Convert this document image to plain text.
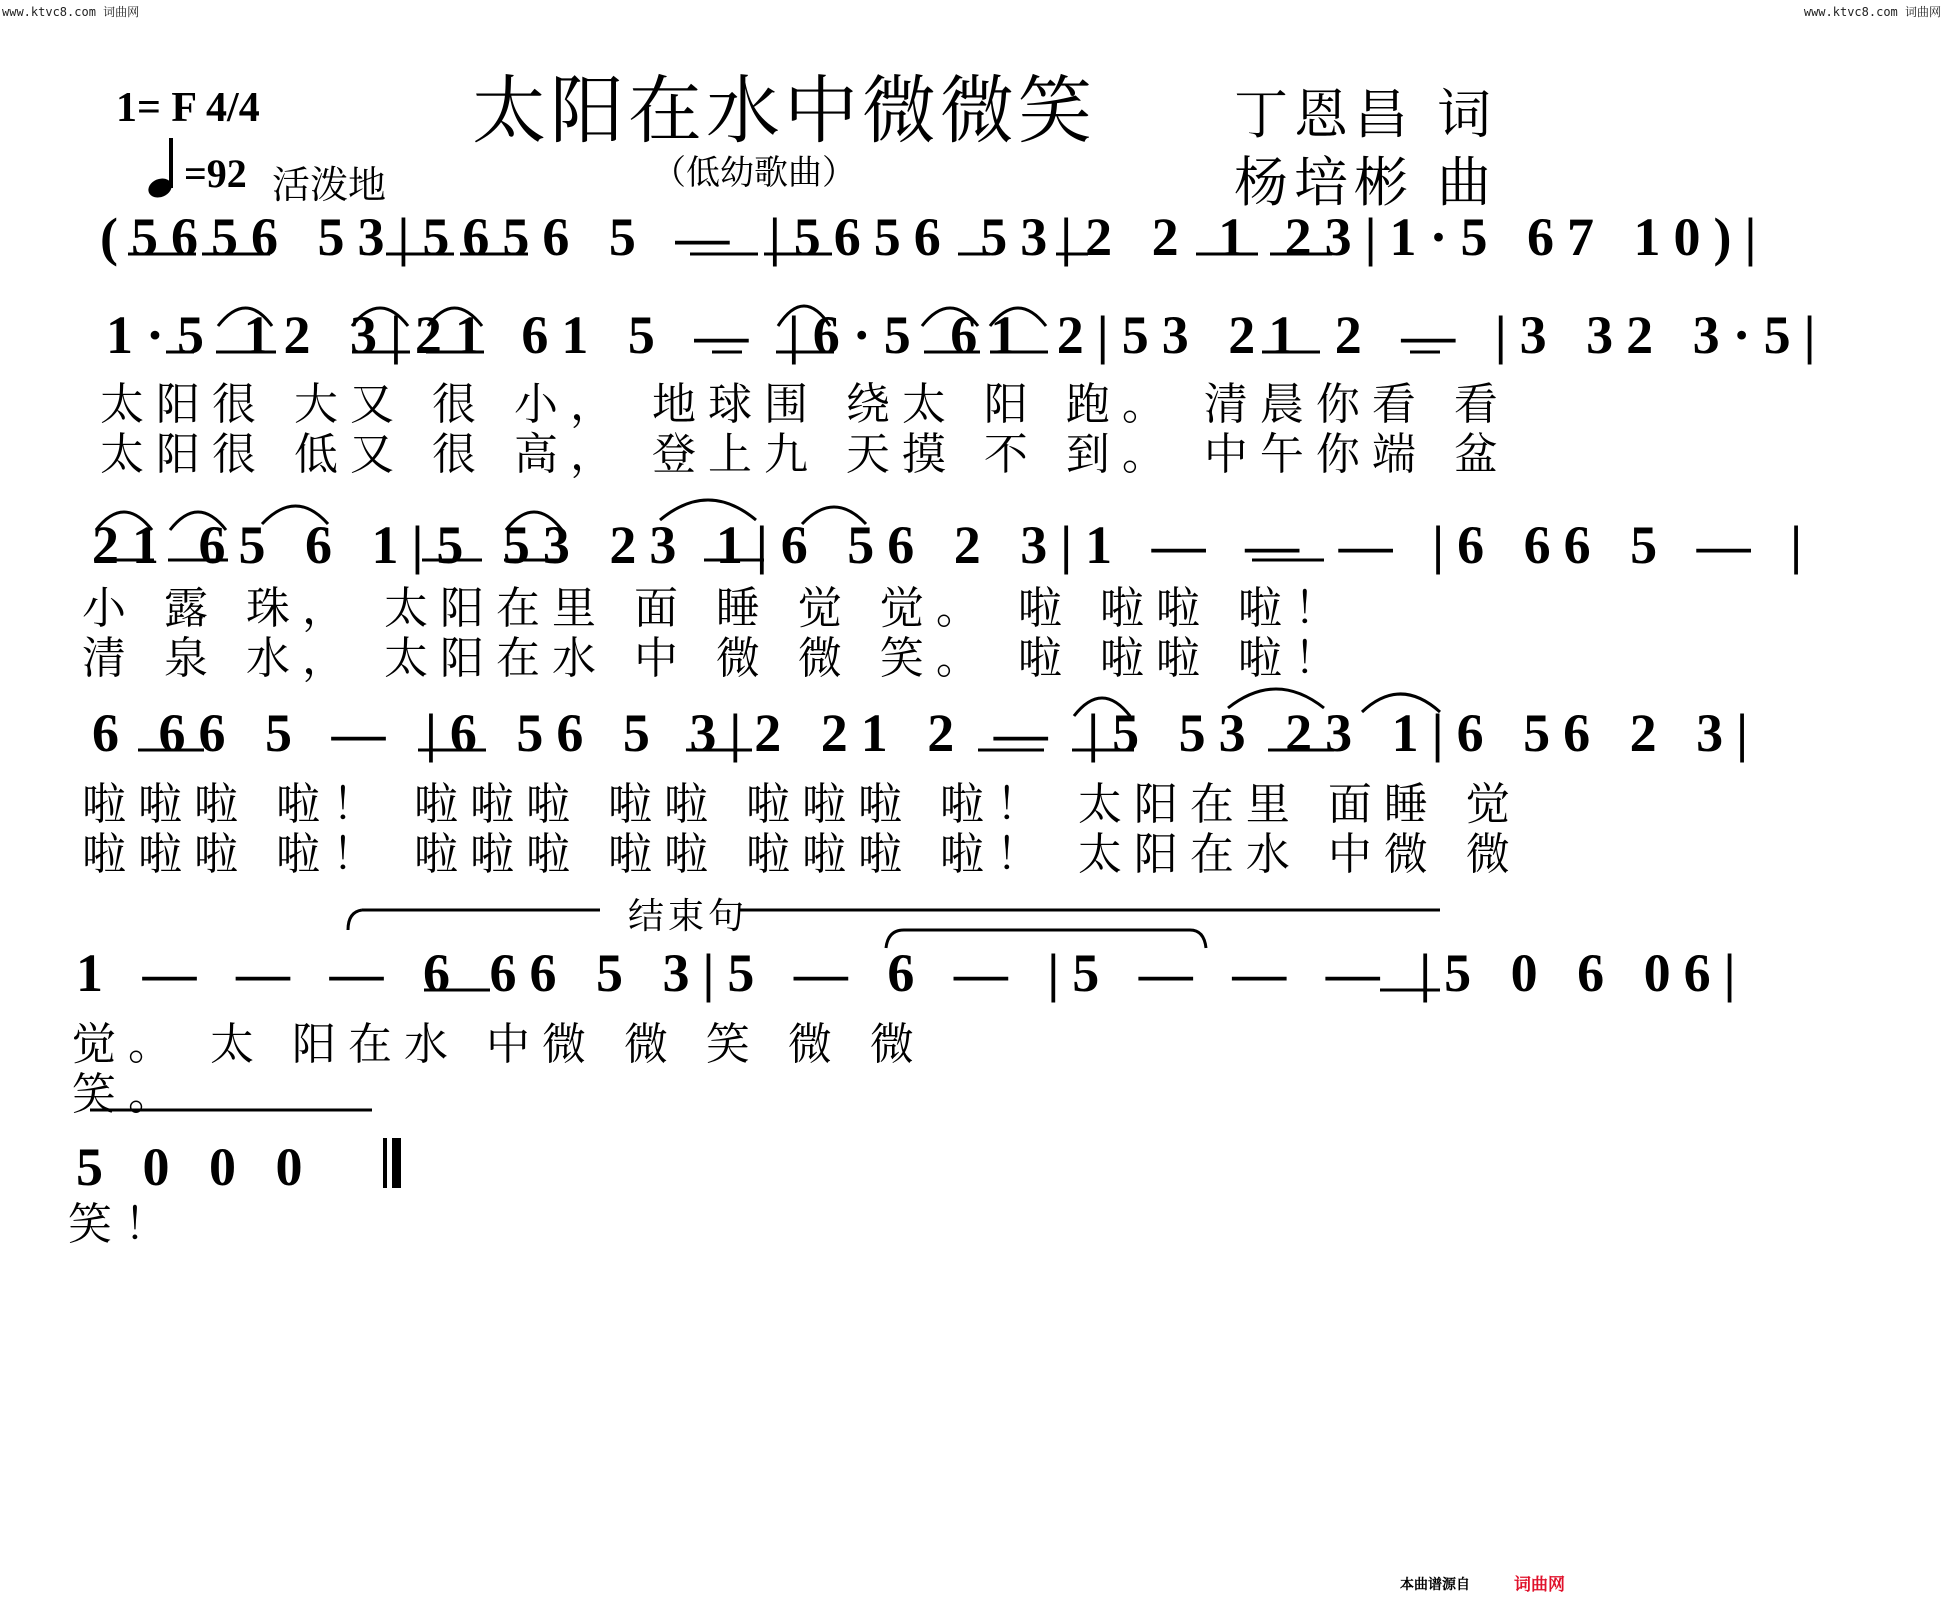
www.ktvc8.com 词曲网	www.ktvc8.com 词曲网
太阳在水中微微笑
（低幼歌曲）
1= F 4/4
=92 活泼地
丁恩昌 词
杨培彬 曲
(5656 53|5656 5 — |5656 53|2 2 1 23|1·5 67 10)|
1·5 12 3|21 61 5 — |6·5 61 2|53 21 2 — |3 32 3·5|
太阳很 大又 很 小， 地球围 绕太 阳 跑。 清晨你看 看
太阳很 低又 很 高， 登上九 天摸 不 到。 中午你端 盆
21 65 6 1|5 53 23 1|6 56 2 3|1 — — — |6 66 5 — |
小 露 珠， 太阳在里 面 睡 觉 觉。 啦 啦啦 啦！
清 泉 水， 太阳在水 中 微 微 笑。 啦 啦啦 啦！
6 66 5 — |6 56 5 3|2 21 2 — |5 53 23 1|6 56 2 3|
啦啦啦 啦！ 啦啦啦 啦啦 啦啦啦 啦！ 太阳在里 面睡 觉
啦啦啦 啦！ 啦啦啦 啦啦 啦啦啦 啦！ 太阳在水 中微 微
结束句
1 — — — 6 66 5 3|5 — 6 — |5 — — — |5 0 6 06|
觉。 太 阳在水 中微 微 笑 微 微
笑。
5 0 0 0
笑！
本曲谱源自	词曲网
